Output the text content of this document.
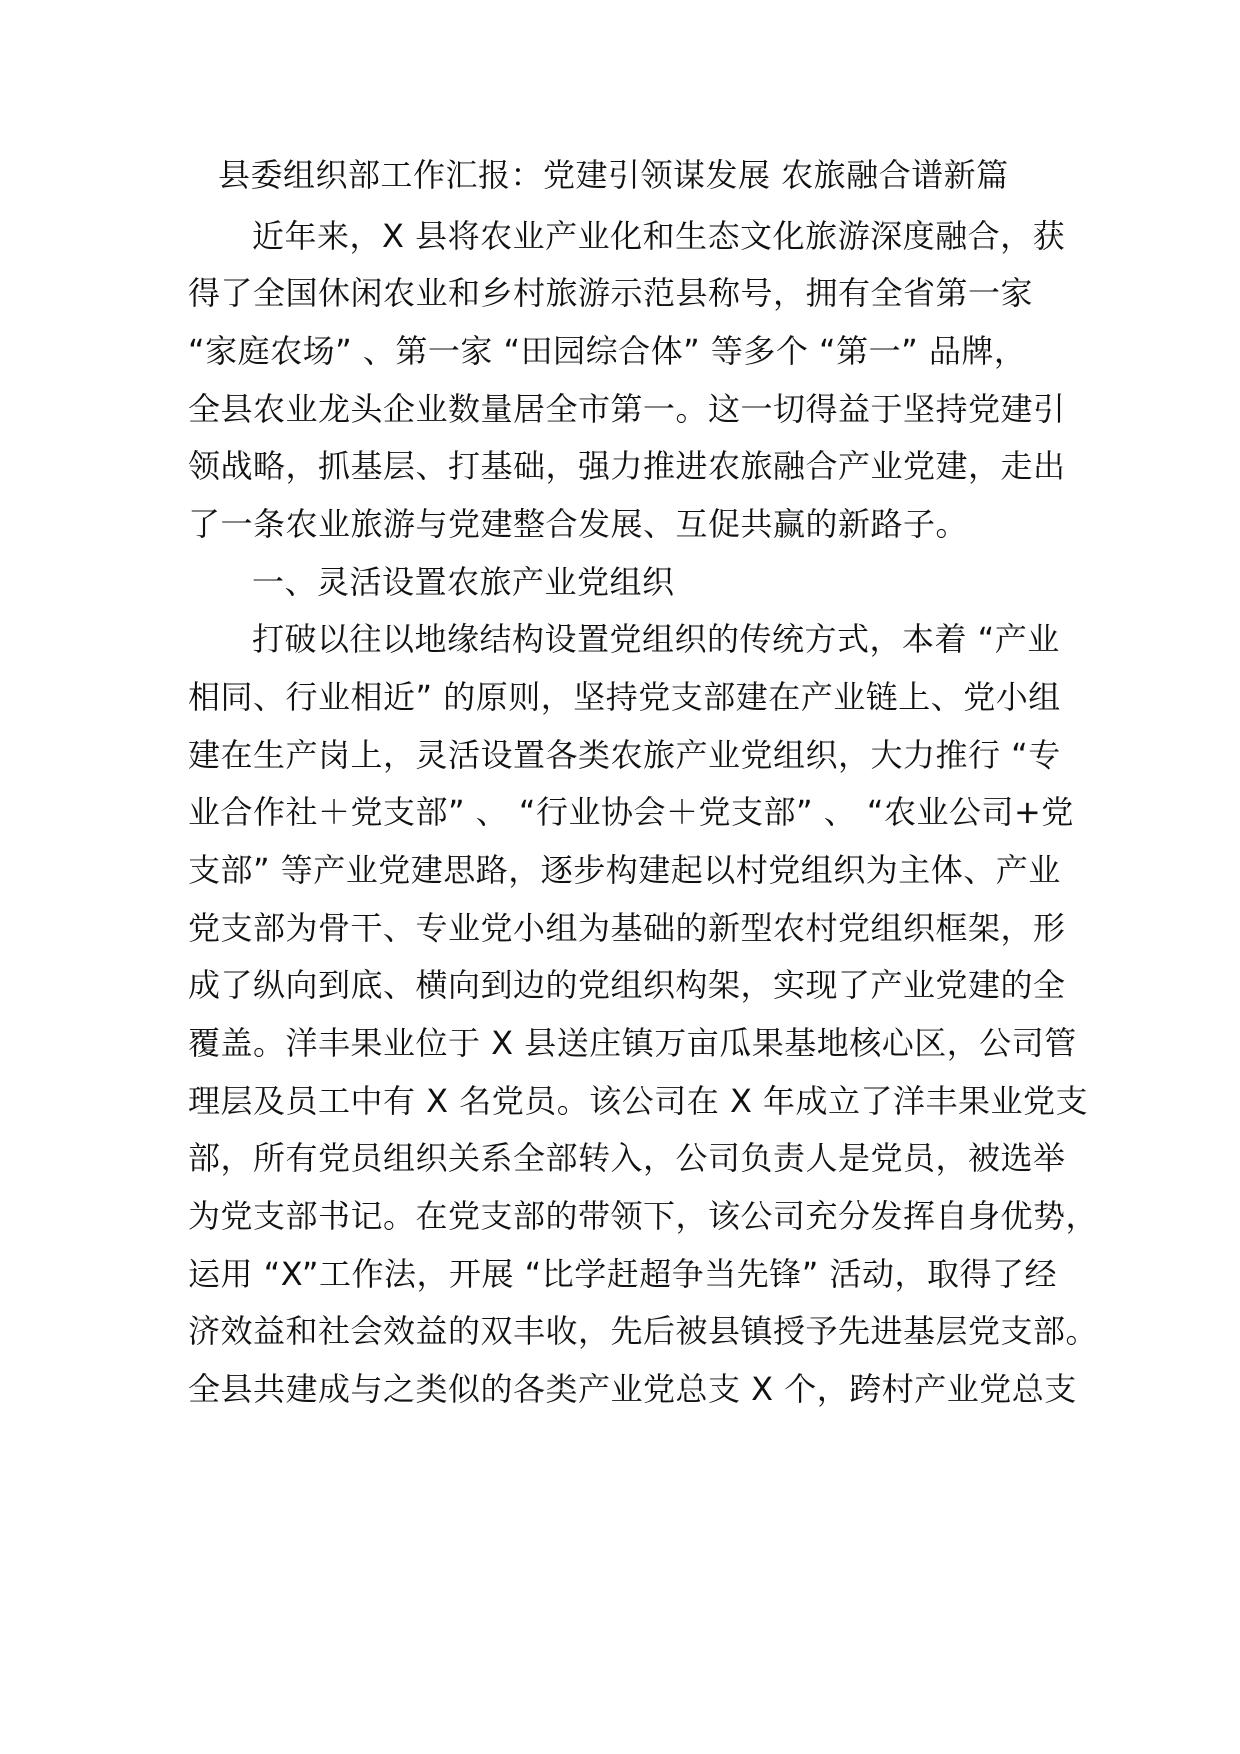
县委组织部工作汇报：党建引领谋发展 农旅融合谱新篇
近年来，X 县将农业产业化和生态文化旅游深度融合，获
得了全国休闲农业和乡村旅游示范县称号，拥有全省第一家
“家庭农场” 、第一家 “田园综合体” 等多个 “第一” 品牌，
全县农业龙头企业数量居全市第一。这一切得益于坚持党建引
领战略，抓基层、打基础，强力推进农旅融合产业党建，走出
了一条农业旅游与党建整合发展、互促共赢的新路子。
一、灵活设置农旅产业党组织
打破以往以地缘结构设置党组织的传统方式，本着 “产业
相同、行业相近” 的原则，坚持党支部建在产业链上、党小组
建在生产岗上，灵活设置各类农旅产业党组织，大力推行 “专
业合作社＋党支部” 、 “行业协会＋党支部” 、 “农业公司+党
支部” 等产业党建思路，逐步构建起以村党组织为主体、产业
党支部为骨干、专业党小组为基础的新型农村党组织框架，形
成了纵向到底、横向到边的党组织构架，实现了产业党建的全
覆盖。洋丰果业位于 X 县送庄镇万亩瓜果基地核心区，公司管
理层及员工中有 X 名党员。该公司在 X 年成立了洋丰果业党支
部，所有党员组织关系全部转入，公司负责人是党员，被选举
为党支部书记。在党支部的带领下，该公司充分发挥自身优势，
运用 “X”工作法，开展 “比学赶超争当先锋” 活动，取得了经
济效益和社会效益的双丰收，先后被县镇授予先进基层党支部。
全县共建成与之类似的各类产业党总支 X 个，跨村产业党总支
